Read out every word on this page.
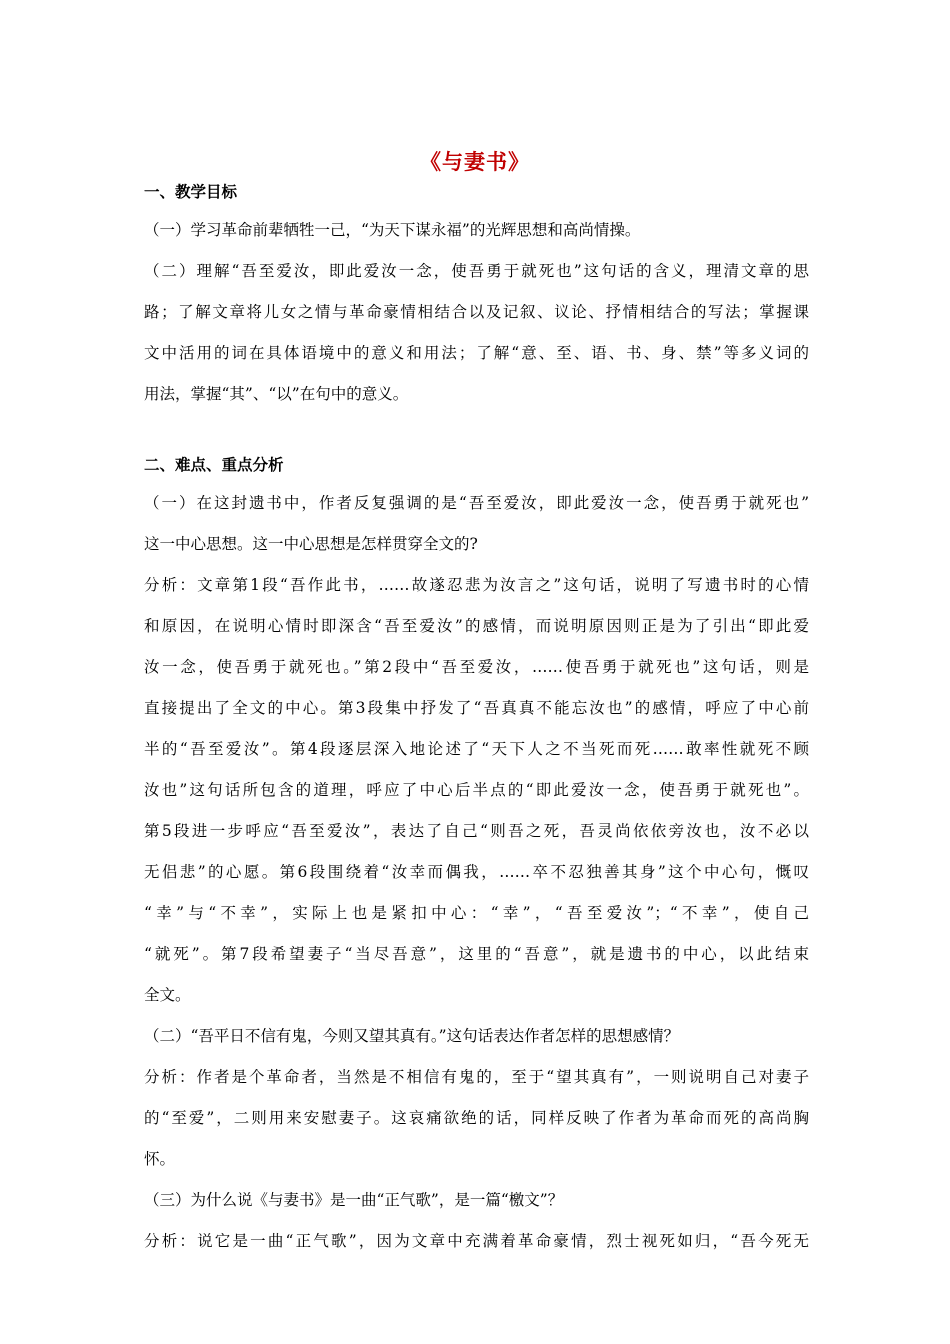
《与妻书》
一、教学目标
（一）学习革命前辈牺牲一己，“为天下谋永福”的光辉思想和高尚情操。
（二）理解“吾至爱汝，即此爱汝一念，使吾勇于就死也”这句话的含义，理清文章的思
路；了解文章将儿女之情与革命豪情相结合以及记叙、议论、抒情相结合的写法；掌握课
文中活用的词在具体语境中的意义和用法；了解“意、至、语、书、身、禁”等多义词的
用法，掌握“其”、“以”在句中的意义。
二、难点、重点分析
（一）在这封遗书中，作者反复强调的是“吾至爱汝，即此爱汝一念，使吾勇于就死也”
这一中心思想。这一中心思想是怎样贯穿全文的?
分析：文章第1段“吾作此书，……故遂忍悲为汝言之”这句话，说明了写遗书时的心情
和原因，在说明心情时即深含“吾至爱汝”的感情，而说明原因则正是为了引出“即此爱
汝一念，使吾勇于就死也。”第2段中“吾至爱汝，……使吾勇于就死也”这句话，则是
直接提出了全文的中心。第3段集中抒发了“吾真真不能忘汝也”的感情，呼应了中心前
半的“吾至爱汝”。第4段逐层深入地论述了“天下人之不当死而死……敢率性就死不顾
汝也”这句话所包含的道理，呼应了中心后半点的“即此爱汝一念，使吾勇于就死也”。
第5段进一步呼应“吾至爱汝”，表达了自己“则吾之死，吾灵尚依依旁汝也，汝不必以
无侣悲”的心愿。第6段围绕着“汝幸而偶我，……卒不忍独善其身”这个中心句，慨叹
“幸”与“不幸”，实际上也是紧扣中心：“幸”，“吾至爱汝”；“不幸”，使自己
“就死”。第7段希望妻子“当尽吾意”，这里的“吾意”，就是遗书的中心，以此结束
全文。
（二）“吾平日不信有鬼，今则又望其真有。”这句话表达作者怎样的思想感情？
分析：作者是个革命者，当然是不相信有鬼的，至于“望其真有”，一则说明自己对妻子
的“至爱”，二则用来安慰妻子。这哀痛欲绝的话，同样反映了作者为革命而死的高尚胸
怀。
（三）为什么说《与妻书》是一曲“正气歌”，是一篇“檄文”？
分析：说它是一曲“正气歌”，因为文章中充满着革命豪情，烈士视死如归，“吾今死无
